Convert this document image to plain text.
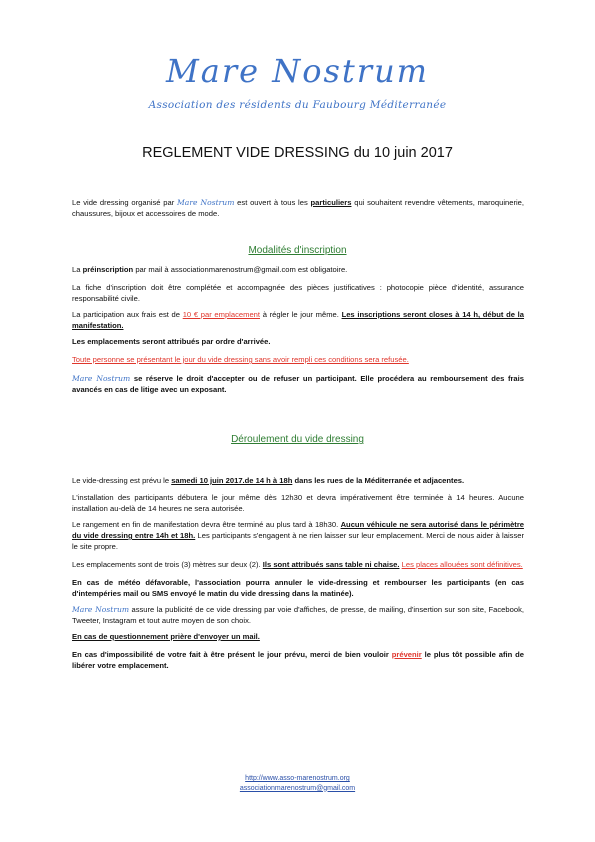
Mare Nostrum
Association des résidents du Faubourg Méditerranée
REGLEMENT VIDE DRESSING du 10 juin 2017
Le vide dressing organisé par Mare Nostrum est ouvert à tous les particuliers qui souhaitent revendre vêtements, maroquinerie, chaussures, bijoux et accessoires de mode.
Modalités d'inscription
La préinscription par mail à associationmarenostrum@gmail.com est obligatoire.
La fiche d'inscription doit être complétée et accompagnée des pièces justificatives : photocopie pièce d'identité, assurance responsabilité civile.
La participation aux frais est de 10 € par emplacement à régler le jour même. Les inscriptions seront closes à 14 h, début de la manifestation.
Les emplacements seront attribués par ordre d'arrivée.
Toute personne se présentant le jour du vide dressing sans avoir rempli ces conditions sera refusée.
Mare Nostrum se réserve le droit d'accepter ou de refuser un participant. Elle procédera au remboursement des frais avancés en cas de litige avec un exposant.
Déroulement du vide dressing
Le vide-dressing est prévu le samedi 10 juin 2017.de 14 h à 18h dans les rues de la Méditerranée et adjacentes.
L'installation des participants débutera le jour même dès 12h30 et devra impérativement être terminée à 14 heures. Aucune installation au-delà de 14 heures ne sera autorisée.
Le rangement en fin de manifestation devra être terminé au plus tard à 18h30. Aucun véhicule ne sera autorisé dans le périmètre du vide dressing entre 14h et 18h. Les participants s'engagent à ne rien laisser sur leur emplacement. Merci de nous aider à laisser le site propre.
Les emplacements sont de trois (3) mètres sur deux (2). Ils sont attribués sans table ni chaise. Les places allouées sont définitives.
En cas de météo défavorable, l'association pourra annuler le vide-dressing et rembourser les participants (en cas d'intempéries mail ou SMS envoyé le matin du vide dressing dans la matinée).
Mare Nostrum assure la publicité de ce vide dressing par voie d'affiches, de presse, de mailing, d'insertion sur son site, Facebook, Tweeter, Instagram et tout autre moyen de son choix.
En cas de questionnement prière d'envoyer un mail.
En cas d'impossibilité de votre fait à être présent le jour prévu, merci de bien vouloir prévenir le plus tôt possible afin de libérer votre emplacement.
http://www.asso-marenostrum.org
associationmarenostrum@gmail.com
